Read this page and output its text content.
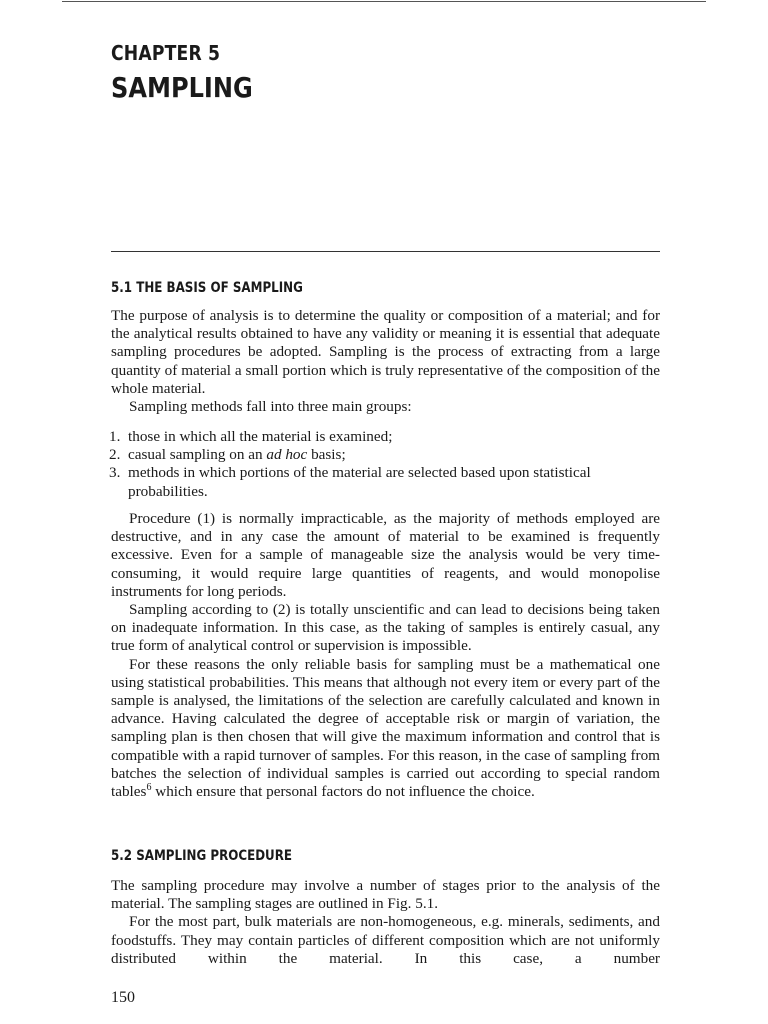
CHAPTER 5
SAMPLING
5.1 THE BASIS OF SAMPLING

The purpose of analysis is to determine the quality or composition of a material; and for the analytical results obtained to have any validity or meaning it is essential that adequate sampling procedures be adopted. Sampling is the process of extracting from a large quantity of material a small portion which is truly representative of the composition of the whole material.

Sampling methods fall into three main groups:

1. those in which all the material is examined;
2. casual sampling on an ad hoc basis;
3. methods in which portions of the material are selected based upon statistical probabilities.

Procedure (1) is normally impracticable, as the majority of methods employed are destructive, and in any case the amount of material to be examined is frequently excessive. Even for a sample of manageable size the analysis would be very time-consuming, it would require large quantities of reagents, and would monopolise instruments for long periods.

Sampling according to (2) is totally unscientific and can lead to decisions being taken on inadequate information. In this case, as the taking of samples is entirely casual, any true form of analytical control or supervision is impossible.

For these reasons the only reliable basis for sampling must be a mathematical one using statistical probabilities. This means that although not every item or every part of the sample is analysed, the limitations of the selection are carefully calculated and known in advance. Having calculated the degree of acceptable risk or margin of variation, the sampling plan is then chosen that will give the maximum information and control that is compatible with a rapid turnover of samples. For this reason, in the case of sampling from batches the selection of individual samples is carried out according to special random tables$^6$ which ensure that personal factors do not influence the choice.

5.2 SAMPLING PROCEDURE

The sampling procedure may involve a number of stages prior to the analysis of the material. The sampling stages are outlined in Fig. 5.1.

For the most part, bulk materials are non-homogeneous, e.g. minerals, sediments, and foodstuffs. They may contain particles of different composition which are not uniformly distributed within the material. In this case, a number

150
